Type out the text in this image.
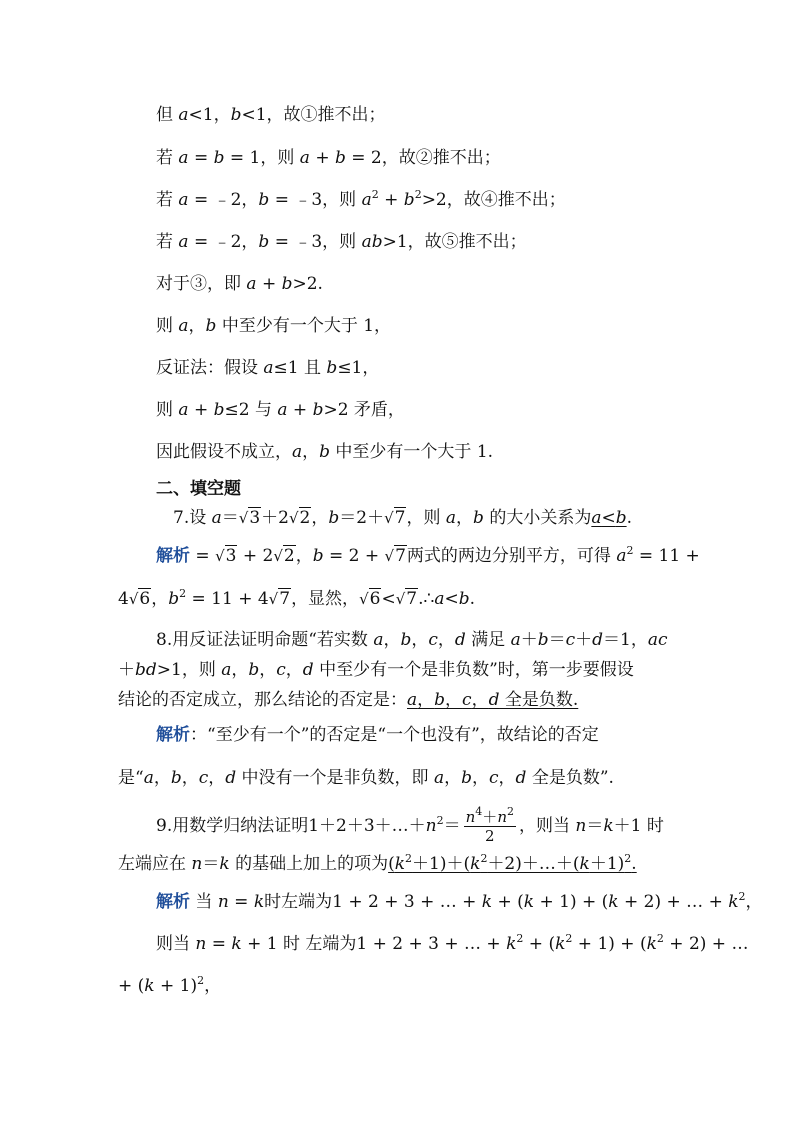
但 a<1，b<1，故①推不出；
若 a = b = 1，则 a + b = 2，故②推不出；
若 a = ﹣2，b = ﹣3，则 $a^2 + b^2>2$，故④推不出；
若 a = ﹣2，b = ﹣3，则 ab>1，故⑤推不出；
对于③，即 a + b>2.
则 a，b 中至少有一个大于 1，
反证法：假设 a≤1 且 b≤1，
则 a + b≤2 与 a + b>2 矛盾，
因此假设不成立，a，b 中至少有一个大于 1.
二、填空题
7.设 a＝√3＋2√2，b＝2＋√7，则 a，b 的大小关系为a<b.
解析 = √3 + 2√2，b = 2 + √7两式的两边分别平方，可得 $a^2 = 11$ +
4√6，$b^2 = 11 + 4√7$，显然，√6<√7.∴a<b.
8.用反证法证明命题“若实数 a，b，c，d 满足 a＋b＝c＋d＝1，ac
＋bd>1，则 a，b，c，d 中至少有一个是非负数”时，第一步要假设
结论的否定成立，那么结论的否定是：a，b，c，d 全是负数.
解析：“至少有一个”的否定是“一个也没有”，故结论的否定
是“a，b，c，d 中没有一个是非负数，即 a，b，c，d 全是负数”.
9.用数学归纳法证明$1+2+3+\dots+n^2= \frac{n^4+n^2}{2}$ ，则当 n＝k＋1 时
左端应在 n＝k 的基础上加上的项为$(k^2+1)+(k^2+2)+\dots+(k+1)^2$.
解析 当 n = k时左端为1 + 2 + 3 + … + k + (k + 1) + (k + 2) + … + $k^2$，
则当 n = k + 1 时 左端为1 + 2 + 3 + … + $k^2 + (k^2 + 1) + (k^2 + 2)$ + …
+ $(k + 1)^2$，
